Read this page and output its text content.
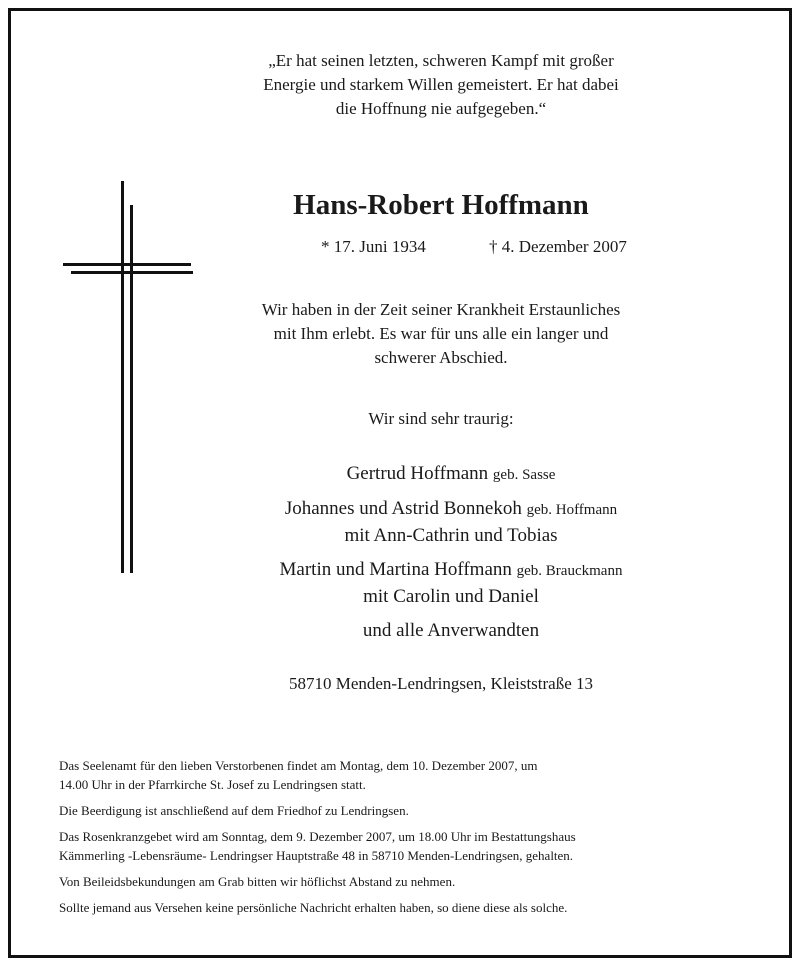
„Er hat seinen letzten, schweren Kampf mit großer
Energie und starkem Willen gemeistert. Er hat dabei
die Hoffnung nie aufgegeben.“
Hans-Robert Hoffmann
* 17. Juni 1934	† 4. Dezember 2007
Wir haben in der Zeit seiner Krankheit Erstaunliches
mit Ihm erlebt. Es war für uns alle ein langer und
schwerer Abschied.
Wir sind sehr traurig:
Gertrud Hoffmann geb. Sasse
Johannes und Astrid Bonnekoh geb. Hoffmann
mit Ann-Cathrin und Tobias
Martin und Martina Hoffmann geb. Brauckmann
mit Carolin und Daniel
und alle Anverwandten
58710 Menden-Lendringsen, Kleiststraße 13

Das Seelenamt für den lieben Verstorbenen findet am Montag, dem 10. Dezember 2007, um
14.00 Uhr in der Pfarrkirche St. Josef zu Lendringsen statt.

Die Beerdigung ist anschließend auf dem Friedhof zu Lendringsen.

Das Rosenkranzgebet wird am Sonntag, dem 9. Dezember 2007, um 18.00 Uhr im Bestattungshaus
Kämmerling -Lebensräume- Lendringser Hauptstraße 48 in 58710 Menden-Lendringsen, gehalten.

Von Beileidsbekundungen am Grab bitten wir höflichst Abstand zu nehmen.

Sollte jemand aus Versehen keine persönliche Nachricht erhalten haben, so diene diese als solche.
